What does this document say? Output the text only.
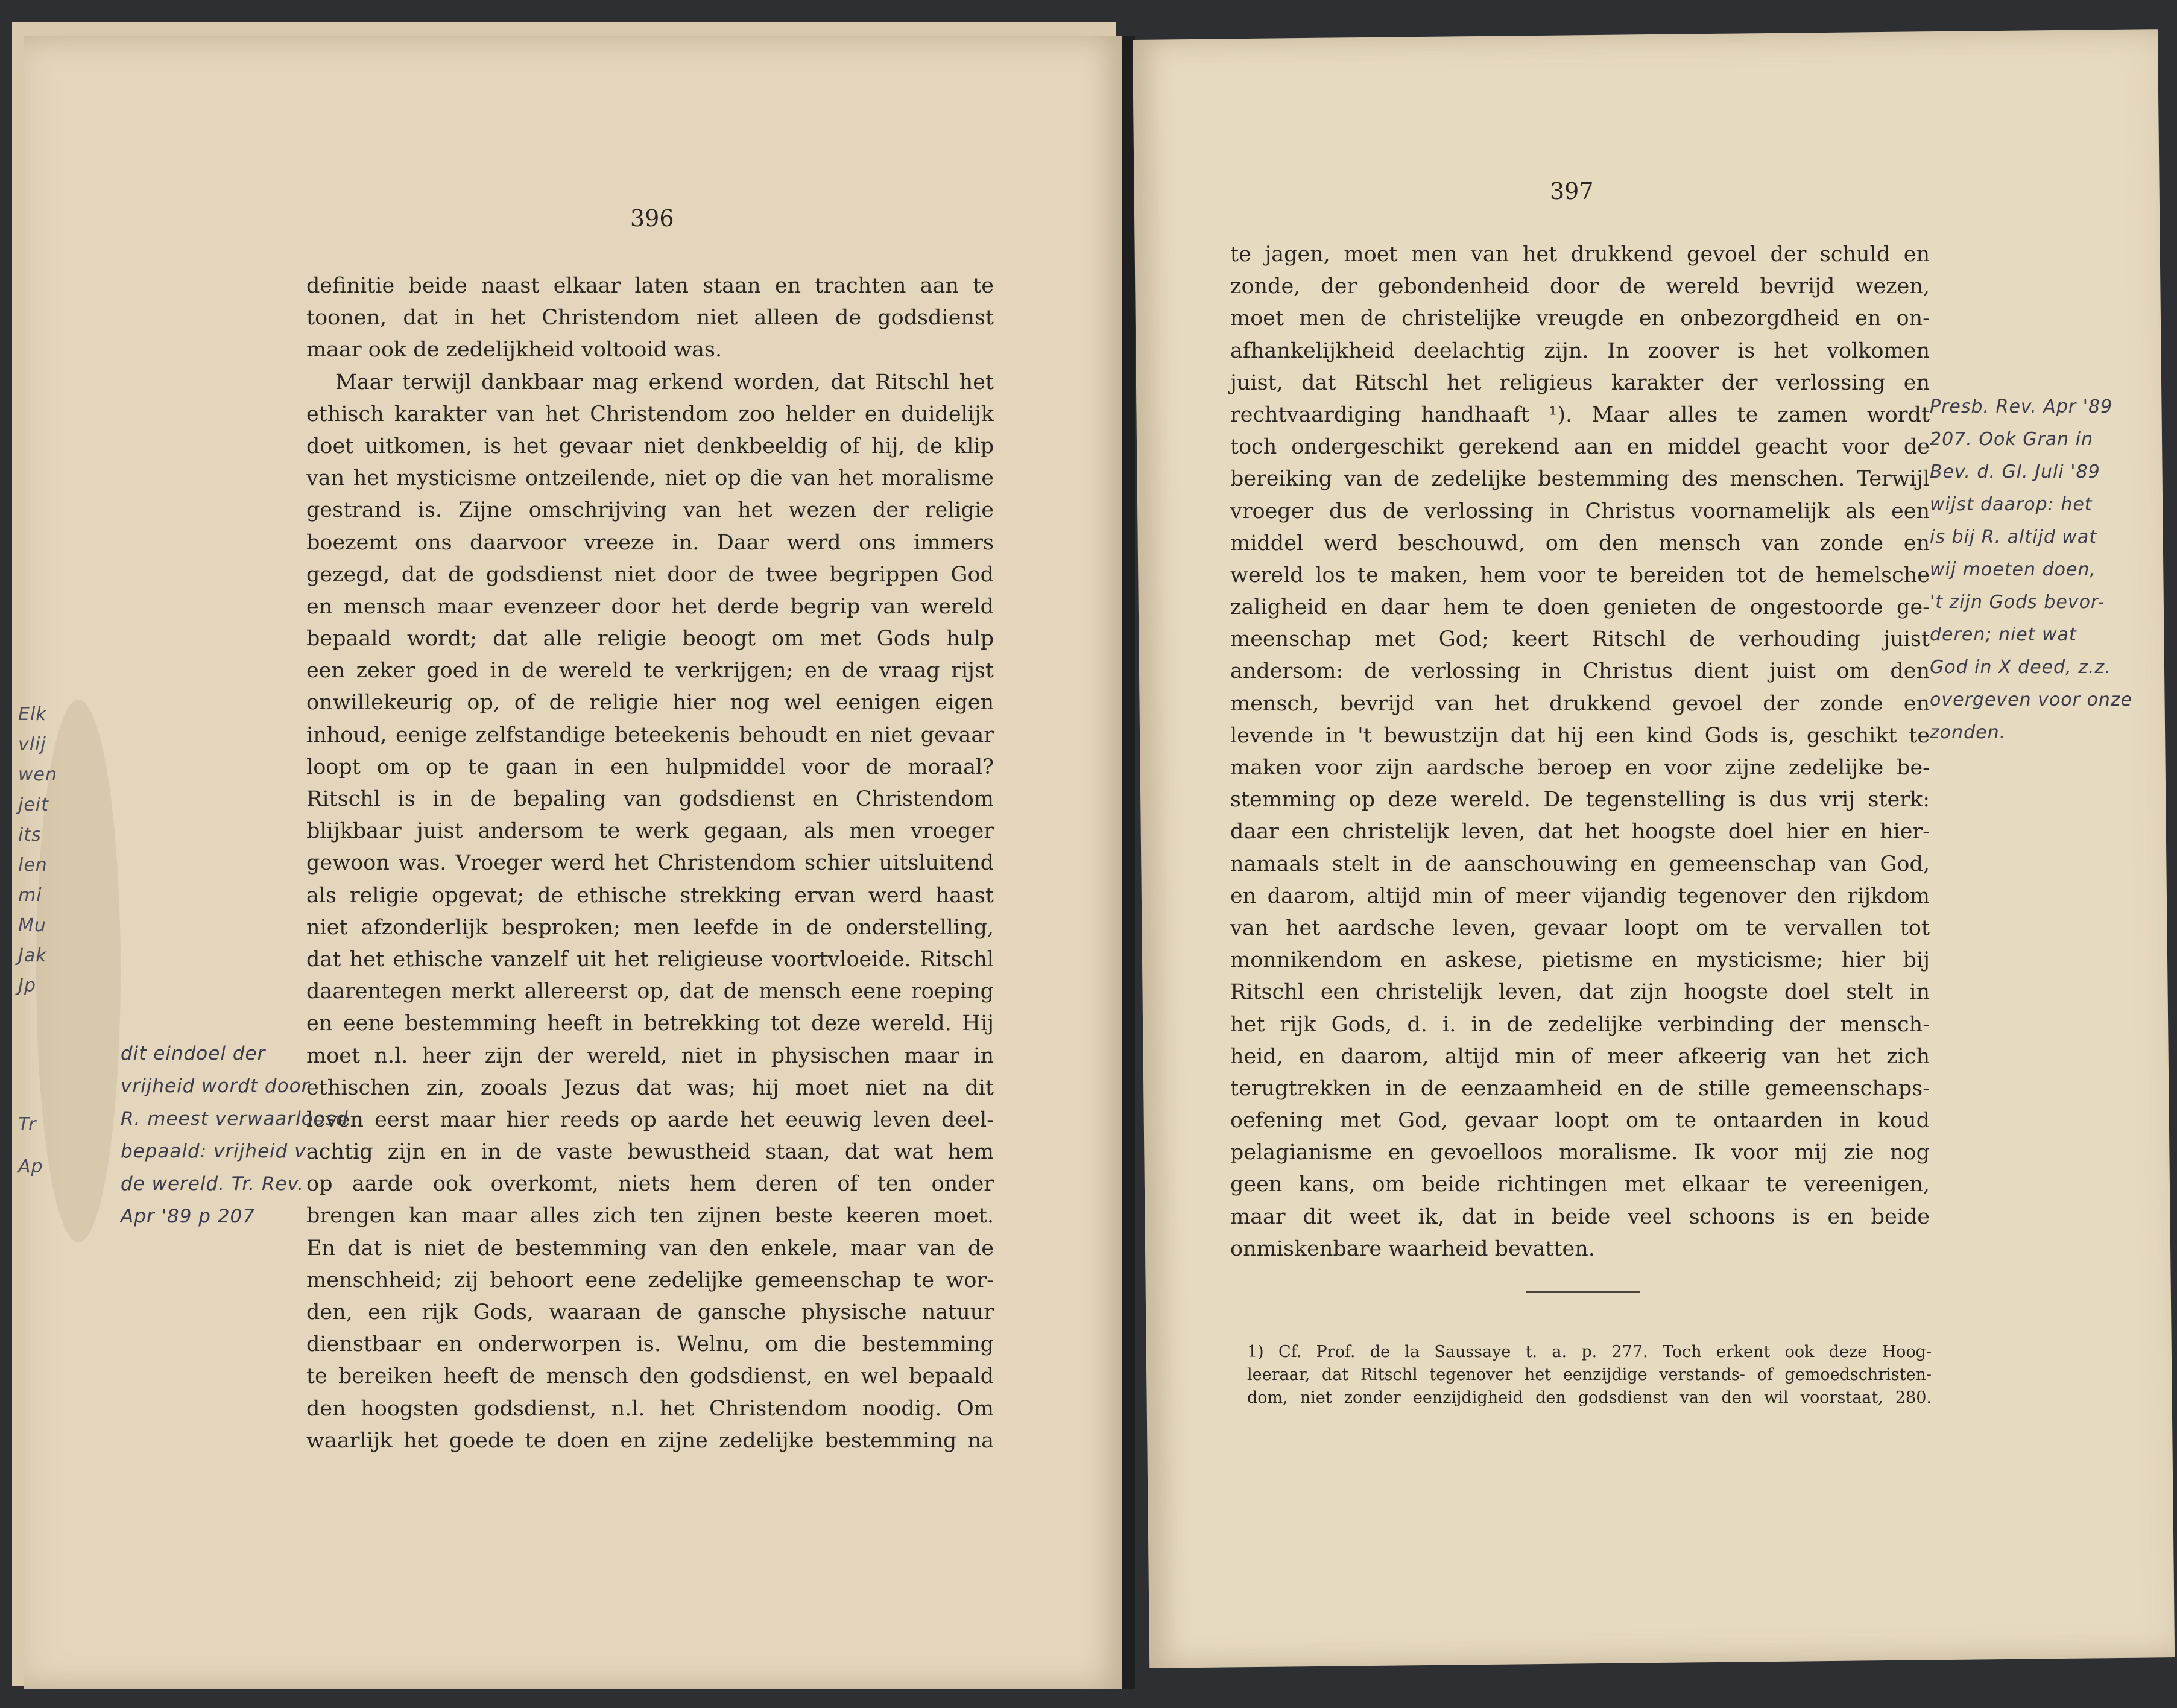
396
definitie beide naast elkaar laten staan en trachten aan te
toonen, dat in het Christendom niet alleen de godsdienst
maar ook de zedelijkheid voltooid was.
Maar terwijl dankbaar mag erkend worden, dat Ritschl het
ethisch karakter van het Christendom zoo helder en duidelijk
doet uitkomen, is het gevaar niet denkbeeldig of hij, de klip
van het mysticisme ontzeilende, niet op die van het moralisme
gestrand is. Zijne omschrijving van het wezen der religie
boezemt ons daarvoor vreeze in. Daar werd ons immers
gezegd, dat de godsdienst niet door de twee begrippen God
en mensch maar evenzeer door het derde begrip van wereld
bepaald wordt; dat alle religie beoogt om met Gods hulp
een zeker goed in de wereld te verkrijgen; en de vraag rijst
onwillekeurig op, of de religie hier nog wel eenigen eigen
inhoud, eenige zelfstandige beteekenis behoudt en niet gevaar
loopt om op te gaan in een hulpmiddel voor de moraal?
Ritschl is in de bepaling van godsdienst en Christendom
blijkbaar juist andersom te werk gegaan, als men vroeger
gewoon was. Vroeger werd het Christendom schier uitsluitend
als religie opgevat; de ethische strekking ervan werd haast
niet afzonderlijk besproken; men leefde in de onderstelling,
dat het ethische vanzelf uit het religieuse voortvloeide. Ritschl
daarentegen merkt allereerst op, dat de mensch eene roeping
en eene bestemming heeft in betrekking tot deze wereld. Hij
moet n.l. heer zijn der wereld, niet in physischen maar in
ethischen zin, zooals Jezus dat was; hij moet niet na dit
leven eerst maar hier reeds op aarde het eeuwig leven deel-
achtig zijn en in de vaste bewustheid staan, dat wat hem
op aarde ook overkomt, niets hem deren of ten onder
brengen kan maar alles zich ten zijnen beste keeren moet.
En dat is niet de bestemming van den enkele, maar van de
menschheid; zij behoort eene zedelijke gemeenschap te wor-
den, een rijk Gods, waaraan de gansche physische natuur
dienstbaar en onderworpen is. Welnu, om die bestemming
te bereiken heeft de mensch den godsdienst, en wel bepaald
den hoogsten godsdienst, n.l. het Christendom noodig. Om
waarlijk het goede te doen en zijne zedelijke bestemming na
397
te jagen, moet men van het drukkend gevoel der schuld en
zonde, der gebondenheid door de wereld bevrijd wezen,
moet men de christelijke vreugde en onbezorgdheid en on-
afhankelijkheid deelachtig zijn. In zoover is het volkomen
juist, dat Ritschl het religieus karakter der verlossing en
rechtvaardiging handhaaft ¹). Maar alles te zamen wordt
toch ondergeschikt gerekend aan en middel geacht voor de
bereiking van de zedelijke bestemming des menschen. Terwijl
vroeger dus de verlossing in Christus voornamelijk als een
middel werd beschouwd, om den mensch van zonde en
wereld los te maken, hem voor te bereiden tot de hemelsche
zaligheid en daar hem te doen genieten de ongestoorde ge-
meenschap met God; keert Ritschl de verhouding juist
andersom: de verlossing in Christus dient juist om den
mensch, bevrijd van het drukkend gevoel der zonde en
levende in 't bewustzijn dat hij een kind Gods is, geschikt te
maken voor zijn aardsche beroep en voor zijne zedelijke be-
stemming op deze wereld. De tegenstelling is dus vrij sterk:
daar een christelijk leven, dat het hoogste doel hier en hier-
namaals stelt in de aanschouwing en gemeenschap van God,
en daarom, altijd min of meer vijandig tegenover den rijkdom
van het aardsche leven, gevaar loopt om te vervallen tot
monnikendom en askese, pietisme en mysticisme; hier bij
Ritschl een christelijk leven, dat zijn hoogste doel stelt in
het rijk Gods, d. i. in de zedelijke verbinding der mensch-
heid, en daarom, altijd min of meer afkeerig van het zich
terugtrekken in de eenzaamheid en de stille gemeenschaps-
oefening met God, gevaar loopt om te ontaarden in koud
pelagianisme en gevoelloos moralisme. Ik voor mij zie nog
geen kans, om beide richtingen met elkaar te vereenigen,
maar dit weet ik, dat in beide veel schoons is en beide
onmiskenbare waarheid bevatten.
1) Cf. Prof. de la Saussaye t. a. p. 277. Toch erkent ook deze Hoog-
leeraar, dat Ritschl tegenover het eenzijdige verstands- of gemoedschristen-
dom, niet zonder eenzijdigheid den godsdienst van den wil voorstaat, 280.
Elk
vlij
wen
jeit
its
len
mi
Mu
Jak
Jp
Tr
Ap
dit eindoel der
vrijheid wordt door
R. meest verwaarloosd
bepaald: vrijheid v
de wereld. Tr. Rev.
Apr '89 p 207
Presb. Rev. Apr '89
207. Ook Gran in
Bev. d. Gl. Juli '89
wijst daarop: het
is bij R. altijd wat
wij moeten doen,
't zijn Gods bevor-
deren; niet wat
God in X deed, z.z.
overgeven voor onze
zonden.
